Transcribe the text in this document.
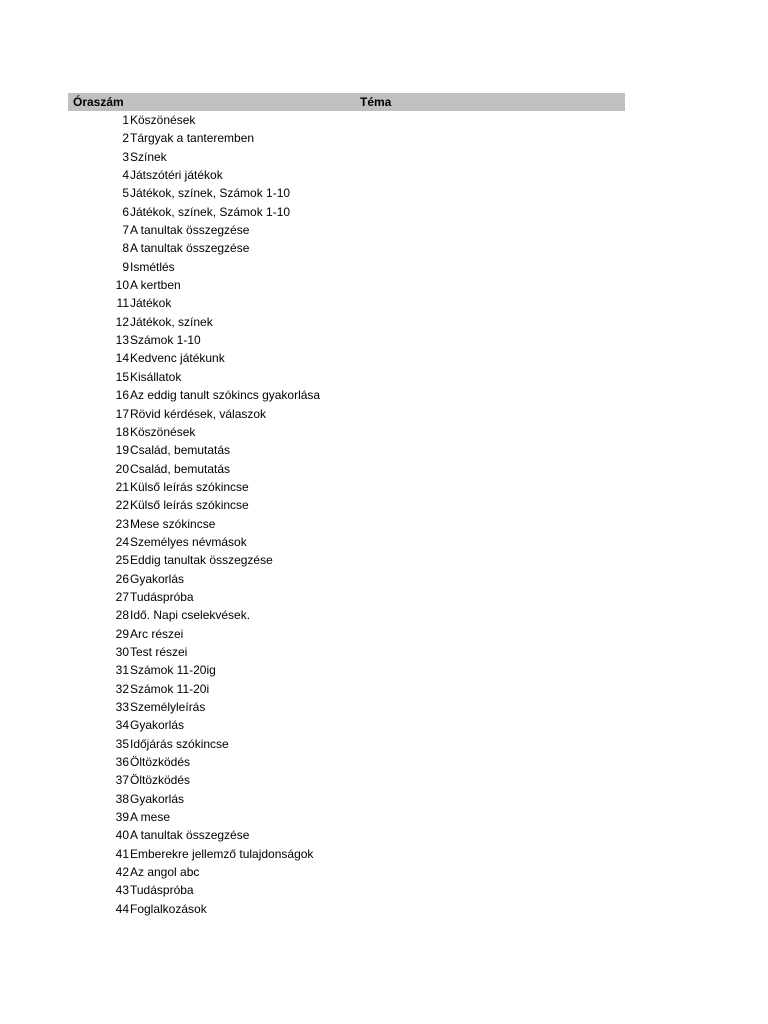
Óraszám	Téma
1 Köszönések
2 Tárgyak a tanteremben
3 Színek
4 Játszótéri játékok
5 Játékok, színek, Számok 1-10
6 Játékok, színek, Számok 1-10
7 A tanultak összegzése
8 A tanultak összegzése
9 Ismétlés
10 A kertben
11 Játékok
12 Játékok, színek
13 Számok 1-10
14 Kedvenc játékunk
15 Kisállatok
16 Az eddig tanult szókincs gyakorlása
17 Rövid kérdések, válaszok
18 Köszönések
19 Család, bemutatás
20 Család, bemutatás
21 Külső leírás szókincse
22 Külső leírás szókincse
23 Mese szókincse
24 Személyes névmások
25 Eddig tanultak összegzése
26 Gyakorlás
27 Tudáspróba
28 Idő. Napi cselekvések.
29 Arc részei
30 Test részei
31 Számok 11-20ig
32 Számok 11-20i
33 Személyleírás
34 Gyakorlás
35 Időjárás szókincse
36 Öltözködés
37 Öltözködés
38 Gyakorlás
39 A mese
40 A tanultak összegzése
41 Emberekre jellemző tulajdonságok
42 Az angol abc
43 Tudáspróba
44 Foglalkozások
